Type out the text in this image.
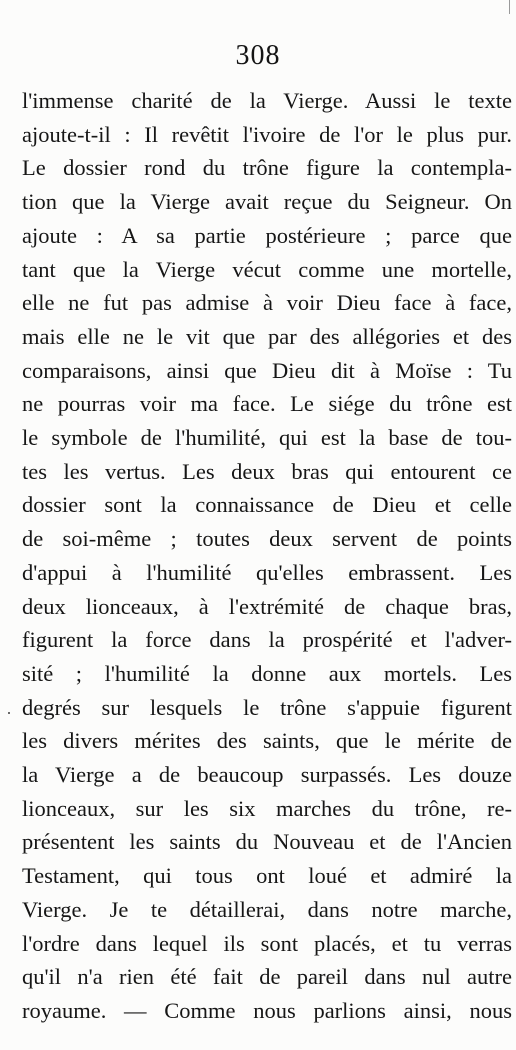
308
l'immense charité de la Vierge. Aussi le texte
ajoute-t-il : Il revêtit l'ivoire de l'or le plus pur.
Le dossier rond du trône figure la contempla-
tion que la Vierge avait reçue du Seigneur. On
ajoute : A sa partie postérieure ; parce que
tant que la Vierge vécut comme une mortelle,
elle ne fut pas admise à voir Dieu face à face,
mais elle ne le vit que par des allégories et des
comparaisons, ainsi que Dieu dit à Moïse : Tu
ne pourras voir ma face. Le siége du trône est
le symbole de l'humilité, qui est la base de tou-
tes les vertus. Les deux bras qui entourent ce
dossier sont la connaissance de Dieu et celle
de soi-même ; toutes deux servent de points
d'appui à l'humilité qu'elles embrassent. Les
deux lionceaux, à l'extrémité de chaque bras,
figurent la force dans la prospérité et l'adver-
sité ; l'humilité la donne aux mortels. Les
degrés sur lesquels le trône s'appuie figurent
les divers mérites des saints, que le mérite de
la Vierge a de beaucoup surpassés. Les douze
lionceaux, sur les six marches du trône, re-
présentent les saints du Nouveau et de l'Ancien
Testament, qui tous ont loué et admiré la
Vierge. Je te détaillerai, dans notre marche,
l'ordre dans lequel ils sont placés, et tu verras
qu'il n'a rien été fait de pareil dans nul autre
royaume. — Comme nous parlions ainsi, nous
